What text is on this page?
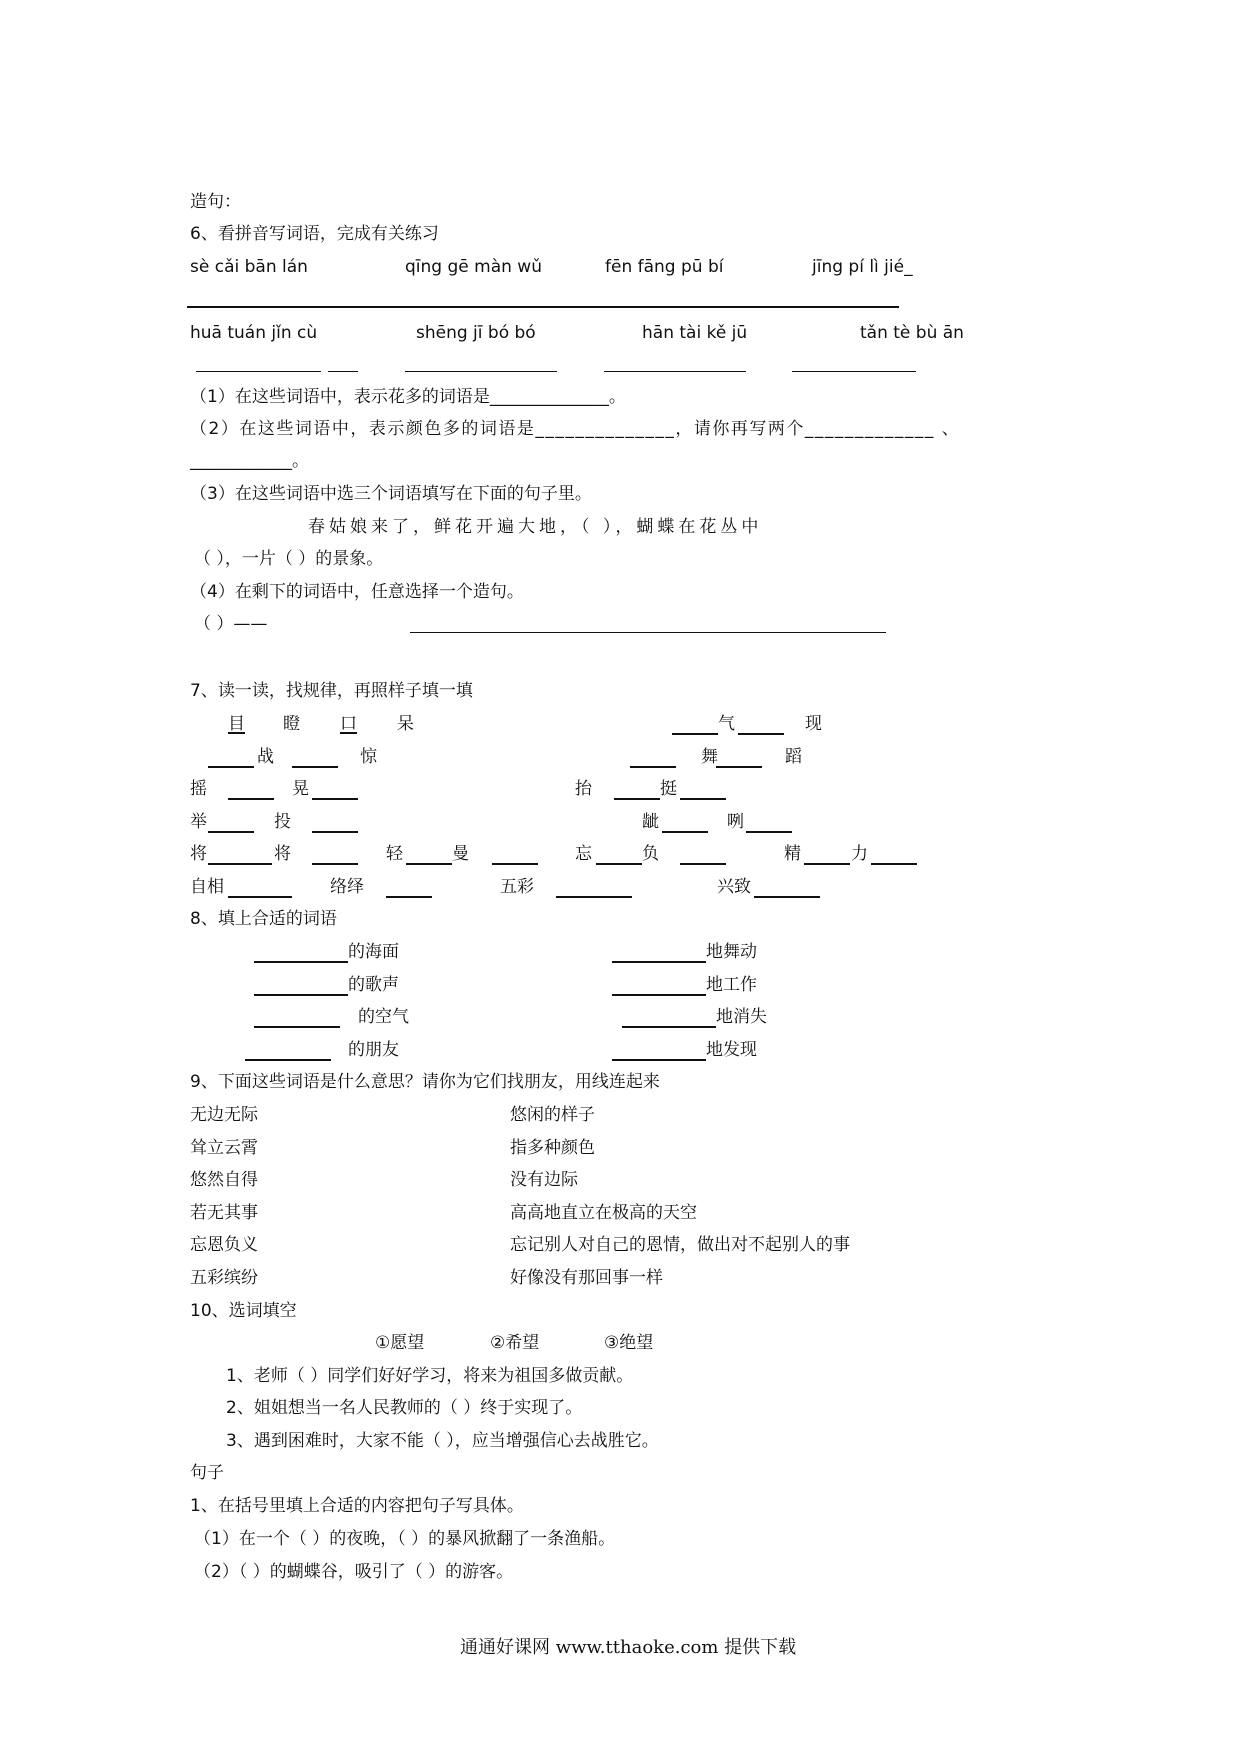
造句：
6、看拼音写词语，完成有关练习
sè cǎi bān lán	qīng gē màn wǔ	fēn fāng pū bí	jīng pí lì jié_
huā tuán jǐn cù	shēng jī bó bó	hān tài kě jū	tǎn tè bù ān
（1）在这些词语中，表示花多的词语是______________。
（2）在这些词语中，表示颜色多的词语是______________，请你再写两个_____________ 、
____________。
（3）在这些词语中选三个词语填写在下面的句子里。
春姑娘来了，鲜花开遍大地，（ ），蝴蝶在花丛中
（ ），一片（ ）的景象。
（4）在剩下的词语中，任意选择一个造句。
（ ）——
7、读一读，找规律，再照样子填一填
目 瞪 口 呆	气	现
战	惊	舞	蹈
摇	晃	抬	挺
举	投	龇	咧
将	将	轻	曼	忘	负	精	力
自相	络绎	五彩	兴致
8、填上合适的词语
的海面	地舞动
的歌声	地工作
的空气	地消失
的朋友	地发现
9、下面这些词语是什么意思？请你为它们找朋友，用线连起来
无边无际	悠闲的样子
耸立云霄	指多种颜色
悠然自得	没有边际
若无其事	高高地直立在极高的天空
忘恩负义	忘记别人对自己的恩情，做出对不起别人的事
五彩缤纷	好像没有那回事一样
10、选词填空
①愿望	②希望	③绝望
1、老师（ ）同学们好好学习，将来为祖国多做贡献。
2、姐姐想当一名人民教师的（ ）终于实现了。
3、遇到困难时，大家不能（ ），应当增强信心去战胜它。
句子
1、在括号里填上合适的内容把句子写具体。
（1）在一个（ ）的夜晚，（ ）的暴风掀翻了一条渔船。
（2）（ ）的蝴蝶谷，吸引了（ ）的游客。
通通好课网 www.tthaoke.com 提供下载
